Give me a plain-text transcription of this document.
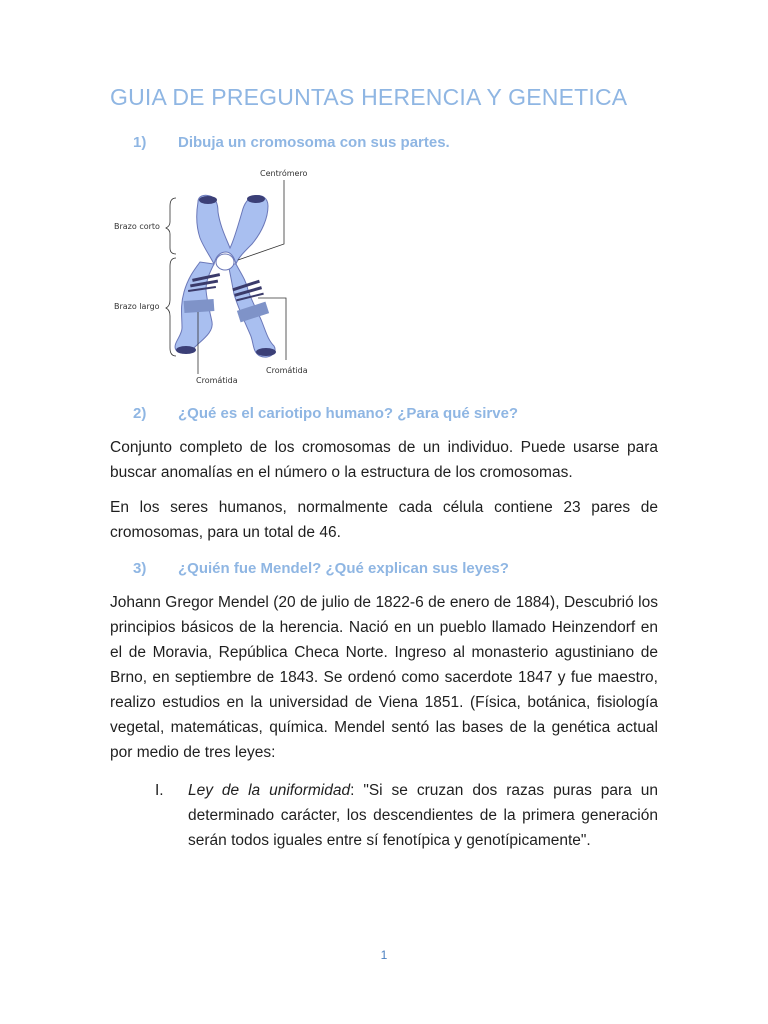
GUIA DE PREGUNTAS HERENCIA Y GENETICA
1) Dibuja un cromosoma con sus partes.
Centrómero
Brazo corto
Brazo largo
Cromátida
Cromátida
2) ¿Qué es el cariotipo humano? ¿Para qué sirve?

Conjunto completo de los cromosomas de un individuo. Puede usarse para buscar anomalías en el número o la estructura de los cromosomas.

En los seres humanos, normalmente cada célula contiene 23 pares de cromosomas, para un total de 46.

3) ¿Quién fue Mendel? ¿Qué explican sus leyes?

Johann Gregor Mendel (20 de julio de 1822-6 de enero de 1884), Descubrió los principios básicos de la herencia. Nació en un pueblo llamado Heinzendorf en el de Moravia, República Checa Norte. Ingreso al monasterio agustiniano de Brno, en septiembre de 1843. Se ordenó como sacerdote 1847 y fue maestro, realizo estudios en la universidad de Viena 1851. (Física, botánica, fisiología vegetal, matemáticas, química. Mendel sentó las bases de la genética actual por medio de tres leyes:

I. Ley de la uniformidad: "Si se cruzan dos razas puras para un determinado carácter, los descendientes de la primera generación serán todos iguales entre sí fenotípica y genotípicamente".
1
